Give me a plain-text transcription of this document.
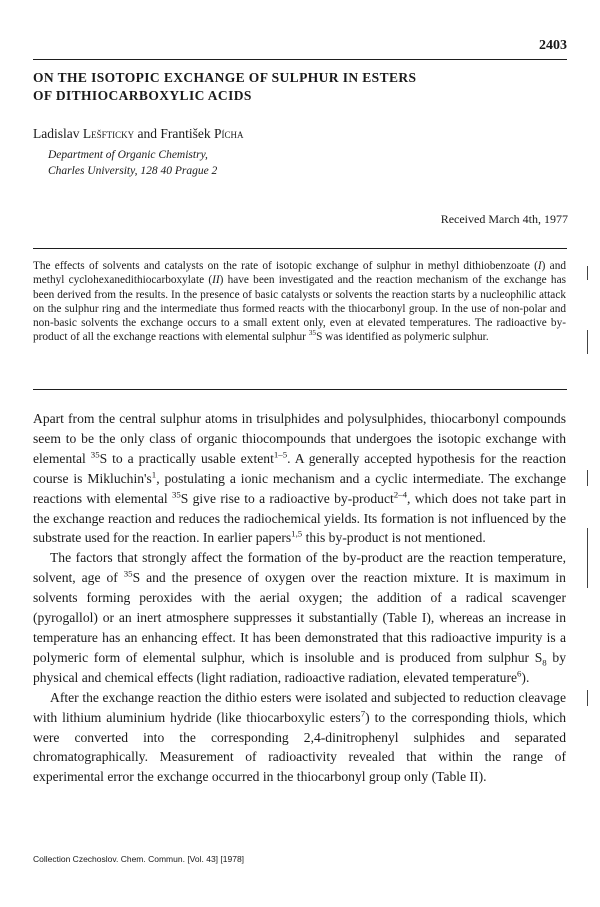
2403
ON THE ISOTOPIC EXCHANGE OF SULPHUR IN ESTERS
OF DITHIOCARBOXYLIC ACIDS
Ladislav Lešfticky and František Pícha
Department of Organic Chemistry,
Charles University, 128 40 Prague 2
Received March 4th, 1977
The effects of solvents and catalysts on the rate of isotopic exchange of sulphur in methyl dithiobenzoate (I) and methyl cyclohexanedithiocarboxylate (II) have been investigated and the reaction mechanism of the exchange has been derived from the results. In the presence of basic catalysts or solvents the reaction starts by a nucleophilic attack on the sulphur ring and the intermediate thus formed reacts with the thiocarbonyl group. In the use of non-polar and non-basic solvents the exchange occurs to a small extent only, even at elevated temperatures. The radioactive by-product of all the exchange reactions with elemental sulphur $^{35}$S was identified as polymeric sulphur.

Apart from the central sulphur atoms in trisulphides and polysulphides, thiocarbonyl compounds seem to be the only class of organic thiocompounds that undergoes the isotopic exchange with elemental $^{35}$S to a practically usable extent$^{1-5}$. A generally accepted hypothesis for the reaction course is $Mikluchin's^1$, postulating a ionic mechanism and a cyclic intermediate. The exchange reactions with elemental $^{35}$S give rise to a radioactive by-product$^{2-4}$, which does not take part in the exchange reaction and reduces the radiochemical yields. Its formation is not influenced by the substrate used for the reaction. In earlier papers$^{1,5}$ this by-product is not mentioned.

The factors that strongly affect the formation of the by-product are the reaction temperature, solvent, age of $^{35}$S and the presence of oxygen over the reaction mixture. It is maximum in solvents forming peroxides with the aerial oxygen; the addition of a radical scavenger (pyrogallol) or an inert atmosphere suppresses it substantially (Table I), whereas an increase in temperature has an enhancing effect. It has been demonstrated that this radioactive impurity is a polymeric form of elemental sulphur, which is insoluble and is produced from sulphur $S_8$ by physical and chemical effects (light radiation, radioactive radiation, elevated temperature$^6$).

After the exchange reaction the dithio esters were isolated and subjected to reduction cleavage with lithium aluminium hydride (like thiocarboxylic esters$^7$) to the corresponding thiols, which were converted into the corresponding 2,4-dinitrophenyl sulphides and separated chromatographically. Measurement of radioactivity revealed that within the range of experimental error the exchange occurred in the thiocarbonyl group only (Table II).

Collection Czechoslov. Chem. Commun. [Vol. 43] [1978]
